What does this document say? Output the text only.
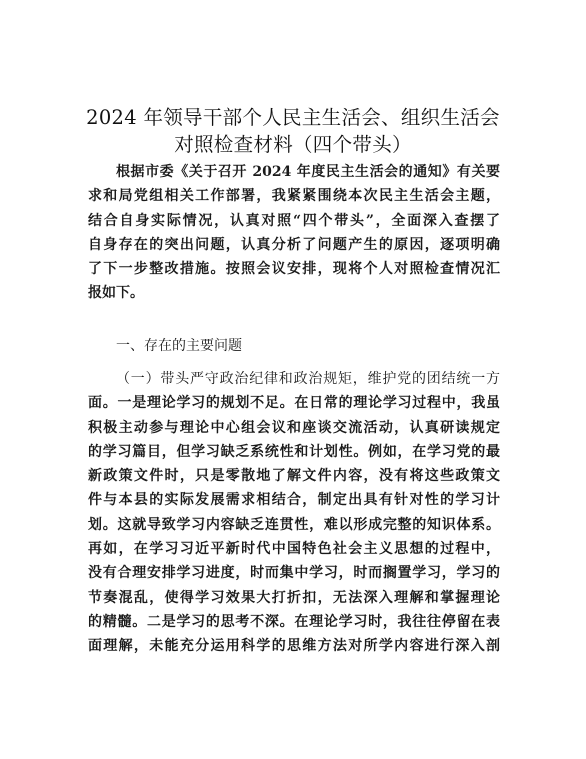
2024 年领导干部个人民主生活会、组织生活会
对照检查材料（四个带头）
根据市委《关于召开 2024 年度民主生活会的通知》有关要
求和局党组相关工作部署，我紧紧围绕本次民主生活会主题，
结合自身实际情况，认真对照“四个带头”，全面深入查摆了
自身存在的突出问题，认真分析了问题产生的原因，逐项明确
了下一步整改措施。按照会议安排，现将个人对照检查情况汇
报如下。
一、存在的主要问题
（一）带头严守政治纪律和政治规矩，维护党的团结统一方
面。一是理论学习的规划不足。在日常的理论学习过程中，我虽
积极主动参与理论中心组会议和座谈交流活动，认真研读规定
的学习篇目，但学习缺乏系统性和计划性。例如，在学习党的最
新政策文件时，只是零散地了解文件内容，没有将这些政策文
件与本县的实际发展需求相结合，制定出具有针对性的学习计
划。这就导致学习内容缺乏连贯性，难以形成完整的知识体系。
再如，在学习习近平新时代中国特色社会主义思想的过程中，
没有合理安排学习进度，时而集中学习，时而搁置学习，学习的
节奏混乱，使得学习效果大打折扣，无法深入理解和掌握理论
的精髓。二是学习的思考不深。在理论学习时，我往往停留在表
面理解，未能充分运用科学的思维方法对所学内容进行深入剖
